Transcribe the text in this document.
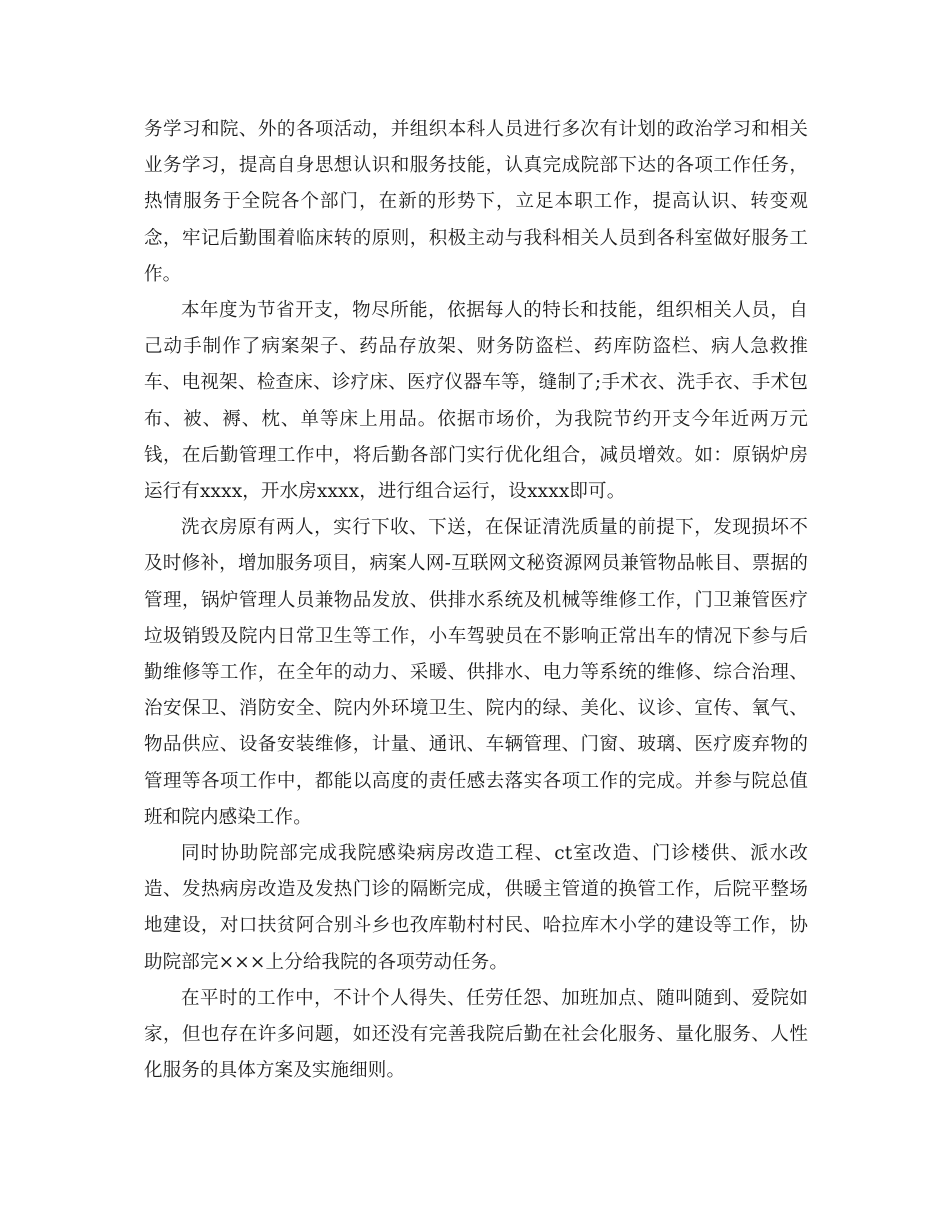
务学习和院、外的各项活动，并组织本科人员进行多次有计划的政治学习和相关业务学习，提高自身思想认识和服务技能，认真完成院部下达的各项工作任务，热情服务于全院各个部门，在新的形势下，立足本职工作，提高认识、转变观念，牢记后勤围着临床转的原则，积极主动与我科相关人员到各科室做好服务工作。

本年度为节省开支，物尽所能，依据每人的特长和技能，组织相关人员，自己动手制作了病案架子、药品存放架、财务防盗栏、药库防盗栏、病人急救推车、电视架、检查床、诊疗床、医疗仪器车等，缝制了;手术衣、洗手衣、手术包布、被、褥、枕、单等床上用品。依据市场价，为我院节约开支今年近两万元钱，在后勤管理工作中，将后勤各部门实行优化组合，减员增效。如：原锅炉房运行有xxxx，开水房xxxx，进行组合运行，设xxxx即可。

洗衣房原有两人，实行下收、下送，在保证清洗质量的前提下，发现损坏不及时修补，增加服务项目，病案人网-互联网文秘资源网员兼管物品帐目、票据的管理，锅炉管理人员兼物品发放、供排水系统及机械等维修工作，门卫兼管医疗垃圾销毁及院内日常卫生等工作，小车驾驶员在不影响正常出车的情况下参与后勤维修等工作，在全年的动力、采暖、供排水、电力等系统的维修、综合治理、治安保卫、消防安全、院内外环境卫生、院内的绿、美化、议诊、宣传、氧气、物品供应、设备安装维修，计量、通讯、车辆管理、门窗、玻璃、医疗废弃物的管理等各项工作中，都能以高度的责任感去落实各项工作的完成。并参与院总值班和院内感染工作。

同时协助院部完成我院感染病房改造工程、ct室改造、门诊楼供、派水改造、发热病房改造及发热门诊的隔断完成，供暖主管道的换管工作，后院平整场地建设，对口扶贫阿合别斗乡也孜库勒村村民、哈拉库木小学的建设等工作，协助院部完×××上分给我院的各项劳动任务。

在平时的工作中，不计个人得失、任劳任怨、加班加点、随叫随到、爱院如家，但也存在许多问题，如还没有完善我院后勤在社会化服务、量化服务、人性化服务的具体方案及实施细则。
